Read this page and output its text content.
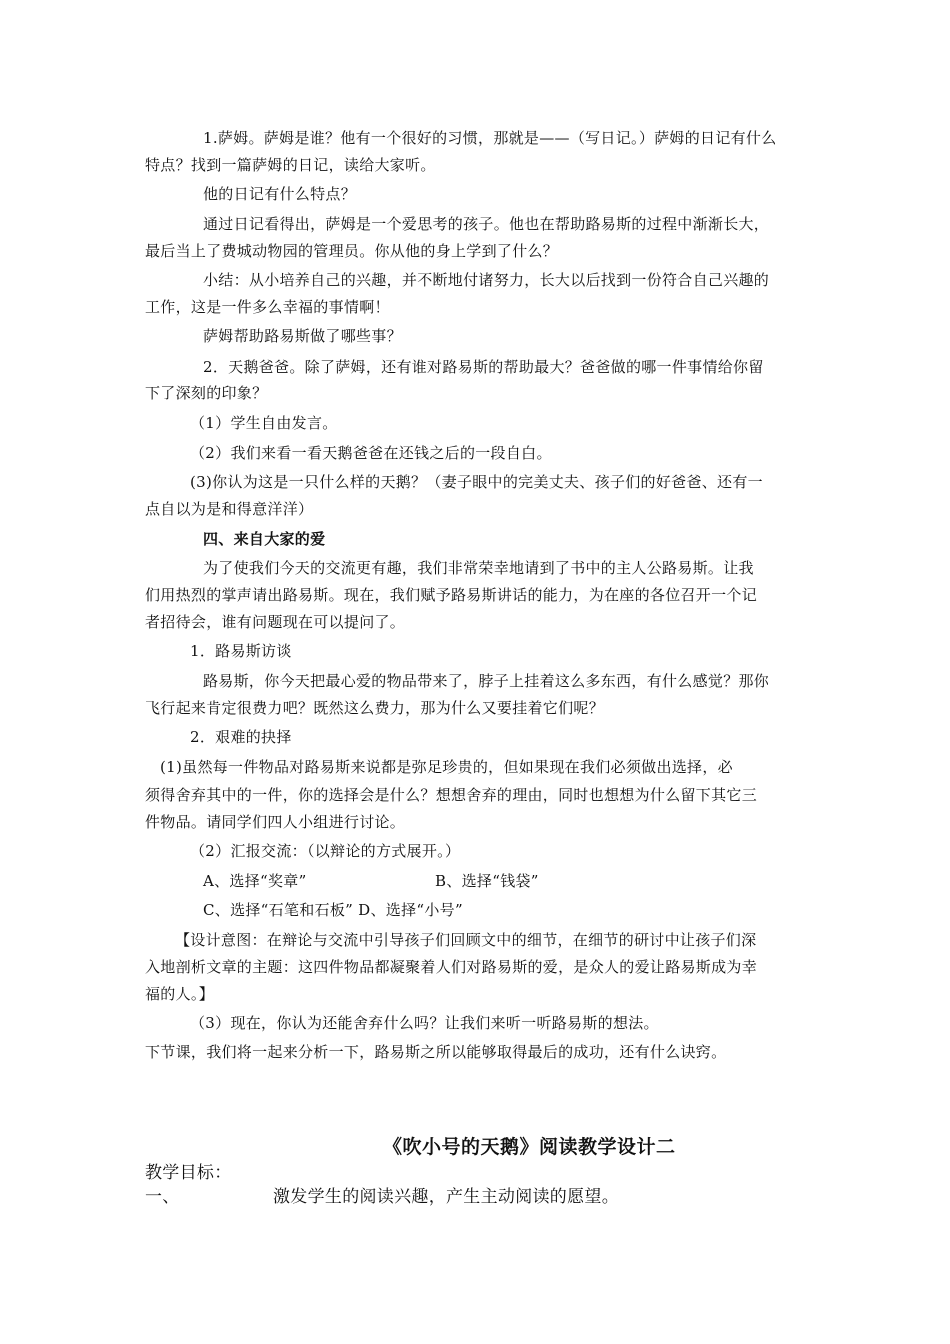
1.萨姆。萨姆是谁？他有一个很好的习惯，那就是——（写日记。）萨姆的日记有什么
特点？找到一篇萨姆的日记，读给大家听。
他的日记有什么特点？
通过日记看得出，萨姆是一个爱思考的孩子。他也在帮助路易斯的过程中渐渐长大，
最后当上了费城动物园的管理员。你从他的身上学到了什么？
小结：从小培养自己的兴趣，并不断地付诸努力，长大以后找到一份符合自己兴趣的
工作，这是一件多么幸福的事情啊！
萨姆帮助路易斯做了哪些事？
2．天鹅爸爸。除了萨姆，还有谁对路易斯的帮助最大？爸爸做的哪一件事情给你留
下了深刻的印象？
（1）学生自由发言。
（2）我们来看一看天鹅爸爸在还钱之后的一段自白。
(3)你认为这是一只什么样的天鹅？（妻子眼中的完美丈夫、孩子们的好爸爸、还有一
点自以为是和得意洋洋）
四、来自大家的爱
为了使我们今天的交流更有趣，我们非常荣幸地请到了书中的主人公路易斯。让我
们用热烈的掌声请出路易斯。现在，我们赋予路易斯讲话的能力，为在座的各位召开一个记
者招待会，谁有问题现在可以提问了。
1．路易斯访谈
路易斯，你今天把最心爱的物品带来了，脖子上挂着这么多东西，有什么感觉？那你
飞行起来肯定很费力吧？既然这么费力，那为什么又要挂着它们呢？
2．艰难的抉择
(1)虽然每一件物品对路易斯来说都是弥足珍贵的，但如果现在我们必须做出选择，必
须得舍弃其中的一件，你的选择会是什么？想想舍弃的理由，同时也想想为什么留下其它三
件物品。请同学们四人小组进行讨论。
（2）汇报交流：（以辩论的方式展开。）
A、选择“奖章”	B、选择“钱袋”
C、选择“石笔和石板” D、选择“小号”
【设计意图：在辩论与交流中引导孩子们回顾文中的细节，在细节的研讨中让孩子们深
入地剖析文章的主题：这四件物品都凝聚着人们对路易斯的爱，是众人的爱让路易斯成为幸
福的人。】
（3）现在，你认为还能舍弃什么吗？让我们来听一听路易斯的想法。
下节课，我们将一起来分析一下，路易斯之所以能够取得最后的成功，还有什么诀窍。
《吹小号的天鹅》阅读教学设计二
教学目标：
一、	激发学生的阅读兴趣，产生主动阅读的愿望。
